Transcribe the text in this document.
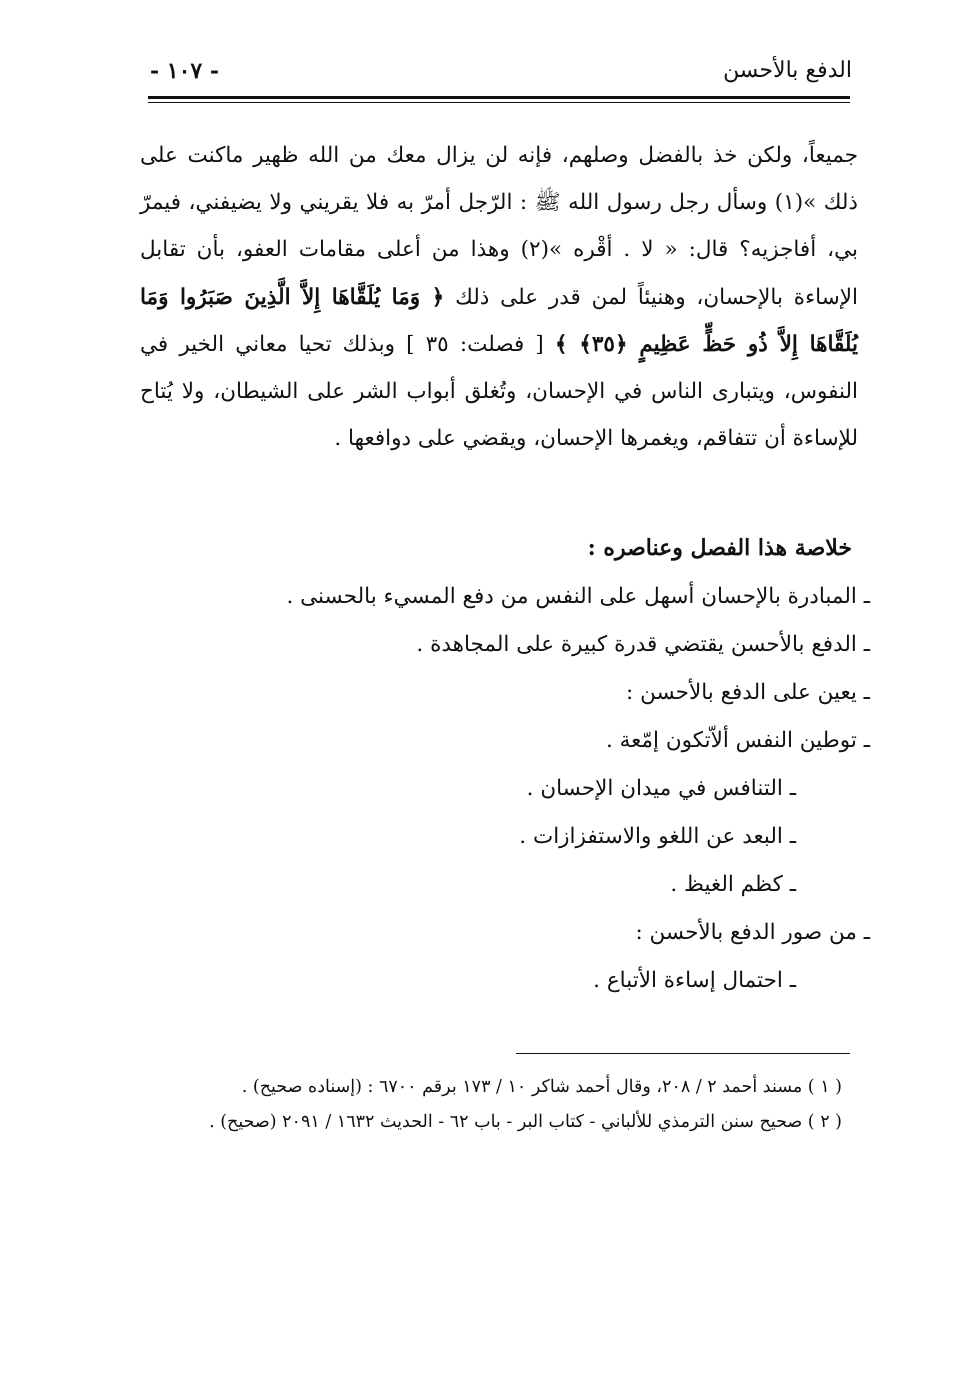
الدفع بالأحسن
- ١٠٧ -
جميعاً، ولكن خذ بالفضل وصلهم، فإنه لن يزال معك من الله ظهير ماكنت على ذلك »(١) وسأل رجل رسول الله ﷺ : الرّجل أمرّ به فلا يقريني ولا يضيفني، فيمرّ بي، أفاجزيه؟ قال: « لا . أقْره »(٢) وهذا من أعلى مقامات العفو، بأن تقابل الإساءة بالإحسان، وهنيئاً لمن قدر على ذلك ﴿ وَمَا يُلَقَّاهَا إِلاَّ الَّذِينَ صَبَرُوا وَمَا يُلَقَّاهَا إِلاَّ ذُو حَظٍّ عَظِيمٍ ﴿٣٥﴾ ﴾ [ فصلت: ٣٥ ] وبذلك تحيا معاني الخير في النفوس، ويتبارى الناس في الإحسان، وتُغلق أبواب الشر على الشيطان، ولا يُتاح للإساءة أن تتفاقم، ويغمرها الإحسان، ويقضي على دوافعها .
خلاصة هذا الفصل وعناصره :
ـ المبادرة بالإحسان أسهل على النفس من دفع المسيء بالحسنى .
ـ الدفع بالأحسن يقتضي قدرة كبيرة على المجاهدة .
ـ يعين على الدفع بالأحسن :
ـ توطين النفس ألاّتكون إمّعة .
ـ التنافس في ميدان الإحسان .
ـ البعد عن اللغو والاستفزازات .
ـ كظم الغيظ .
ـ من صور الدفع بالأحسن :
ـ احتمال إساءة الأتباع .

( ١ ) مسند أحمد ٢ / ٢٠٨، وقال أحمد شاكر ١٠ / ١٧٣ برقم ٦٧٠٠ : (إسناده صحيح) .

( ٢ ) صحيح سنن الترمذي للألباني - كتاب البر - باب ٦٢ - الحديث ١٦٣٢ / ٢٠٩١ (صحيح) .
